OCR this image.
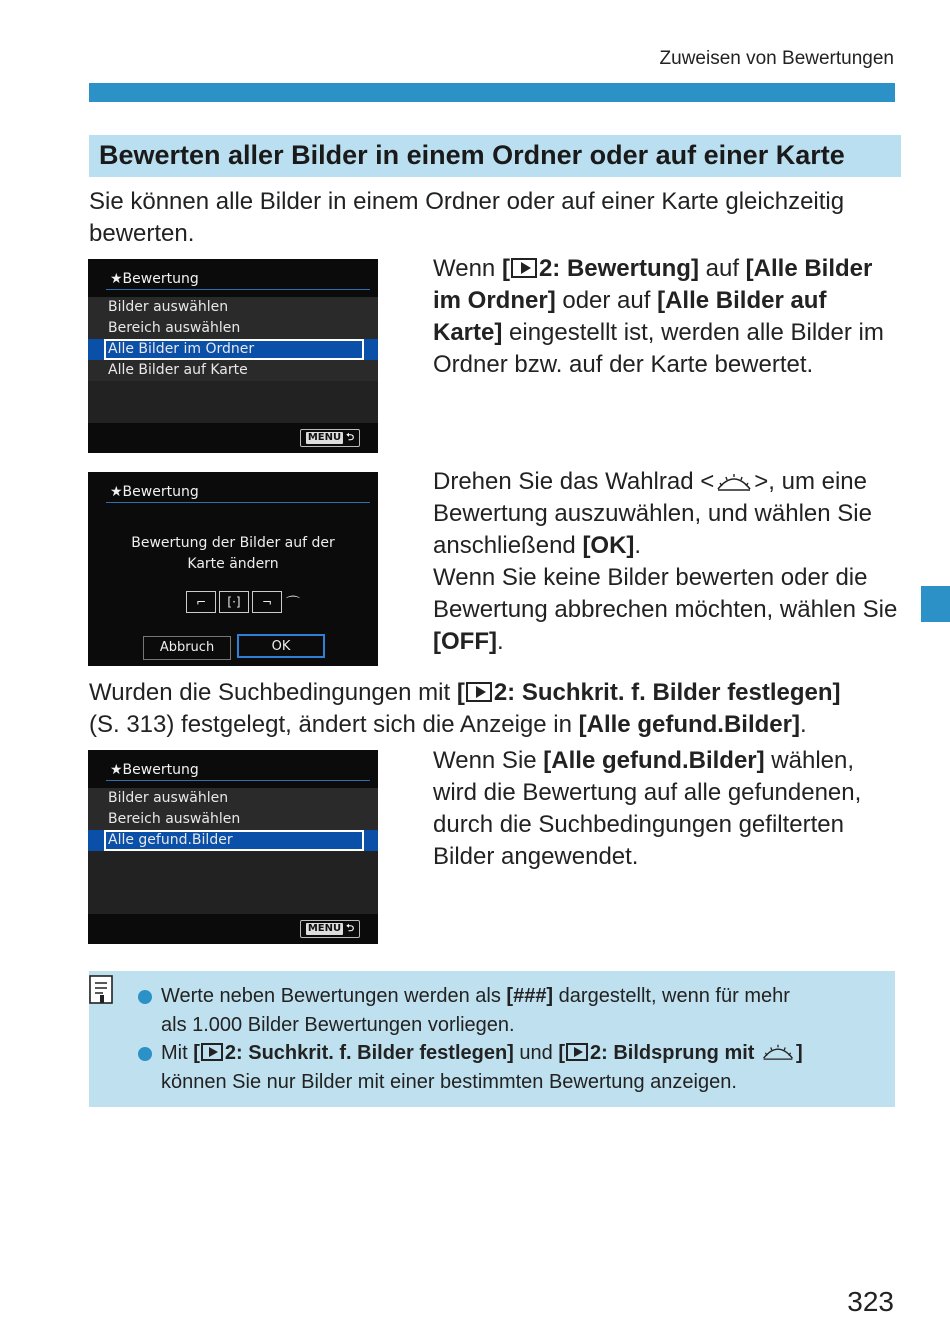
Zuweisen von Bewertungen
Bewerten aller Bilder in einem Ordner oder auf einer Karte
Sie können alle Bilder in einem Ordner oder auf einer Karte gleichzeitig bewerten.
★Bewertung
Bilder auswählen
Bereich auswählen
Alle Bilder im Ordner
Alle Bilder auf Karte
MENU ⮌
Wenn [ 2: Bewertung] auf [Alle Bilder im Ordner] oder auf [Alle Bilder auf Karte] eingestellt ist, werden alle Bilder im Ordner bzw. auf der Karte bewertet.
★Bewertung
Bewertung der Bilder auf der
Karte ändern
⌐	[·]	¬ ⌒
Abbruch	OK
Drehen Sie das Wahlrad < >, um eine Bewertung auszuwählen, und wählen Sie anschließend [OK].
Wenn Sie keine Bilder bewerten oder die Bewertung abbrechen möchten, wählen Sie [OFF].
Wurden die Suchbedingungen mit [ 2: Suchkrit. f. Bilder festlegen]
(S. 313) festgelegt, ändert sich die Anzeige in [Alle gefund.Bilder].
★Bewertung
Bilder auswählen
Bereich auswählen
Alle gefund.Bilder
MENU ⮌
Wenn Sie [Alle gefund.Bilder] wählen, wird die Bewertung auf alle gefundenen, durch die Suchbedingungen gefilterten Bilder angewendet.
Werte neben Bewertungen werden als [###] dargestellt, wenn für mehr
als 1.000 Bilder Bewertungen vorliegen.
Mit [ 2: Suchkrit. f. Bilder festlegen] und [ 2: Bildsprung mit ]
können Sie nur Bilder mit einer bestimmten Bewertung anzeigen.
323
